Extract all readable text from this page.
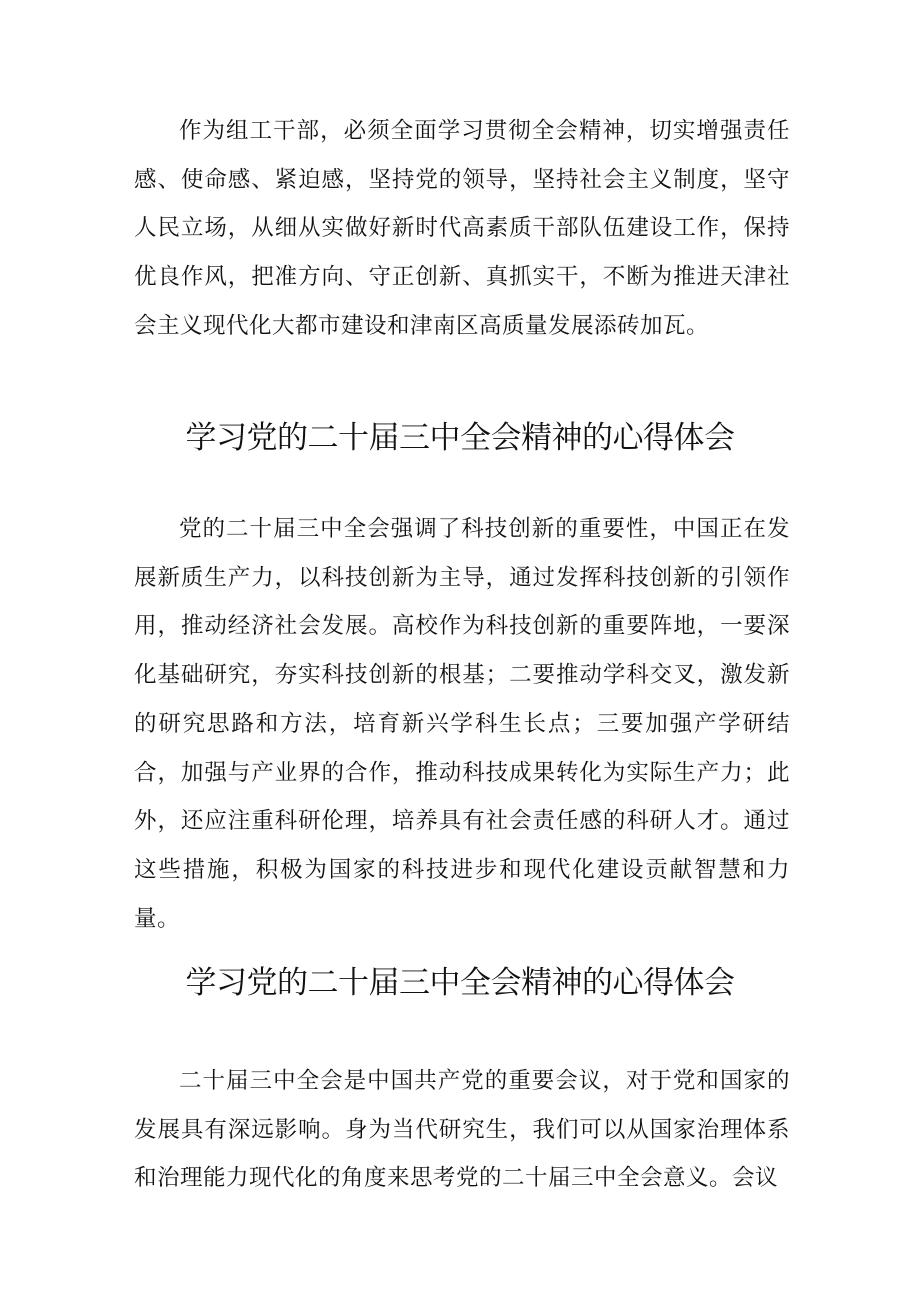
作为组工干部，必须全面学习贯彻全会精神，切实增强责任感、使命感、紧迫感，坚持党的领导，坚持社会主义制度，坚守人民立场，从细从实做好新时代高素质干部队伍建设工作，保持优良作风，把准方向、守正创新、真抓实干，不断为推进天津社会主义现代化大都市建设和津南区高质量发展添砖加瓦。

学习党的二十届三中全会精神的心得体会

党的二十届三中全会强调了科技创新的重要性，中国正在发展新质生产力，以科技创新为主导，通过发挥科技创新的引领作用，推动经济社会发展。高校作为科技创新的重要阵地，一要深化基础研究，夯实科技创新的根基；二要推动学科交叉，激发新的研究思路和方法，培育新兴学科生长点；三要加强产学研结合，加强与产业界的合作，推动科技成果转化为实际生产力；此外，还应注重科研伦理，培养具有社会责任感的科研人才。通过这些措施，积极为国家的科技进步和现代化建设贡献智慧和力量。

学习党的二十届三中全会精神的心得体会

二十届三中全会是中国共产党的重要会议，对于党和国家的发展具有深远影响。身为当代研究生，我们可以从国家治理体系和治理能力现代化的角度来思考党的二十届三中全会意义。会议
